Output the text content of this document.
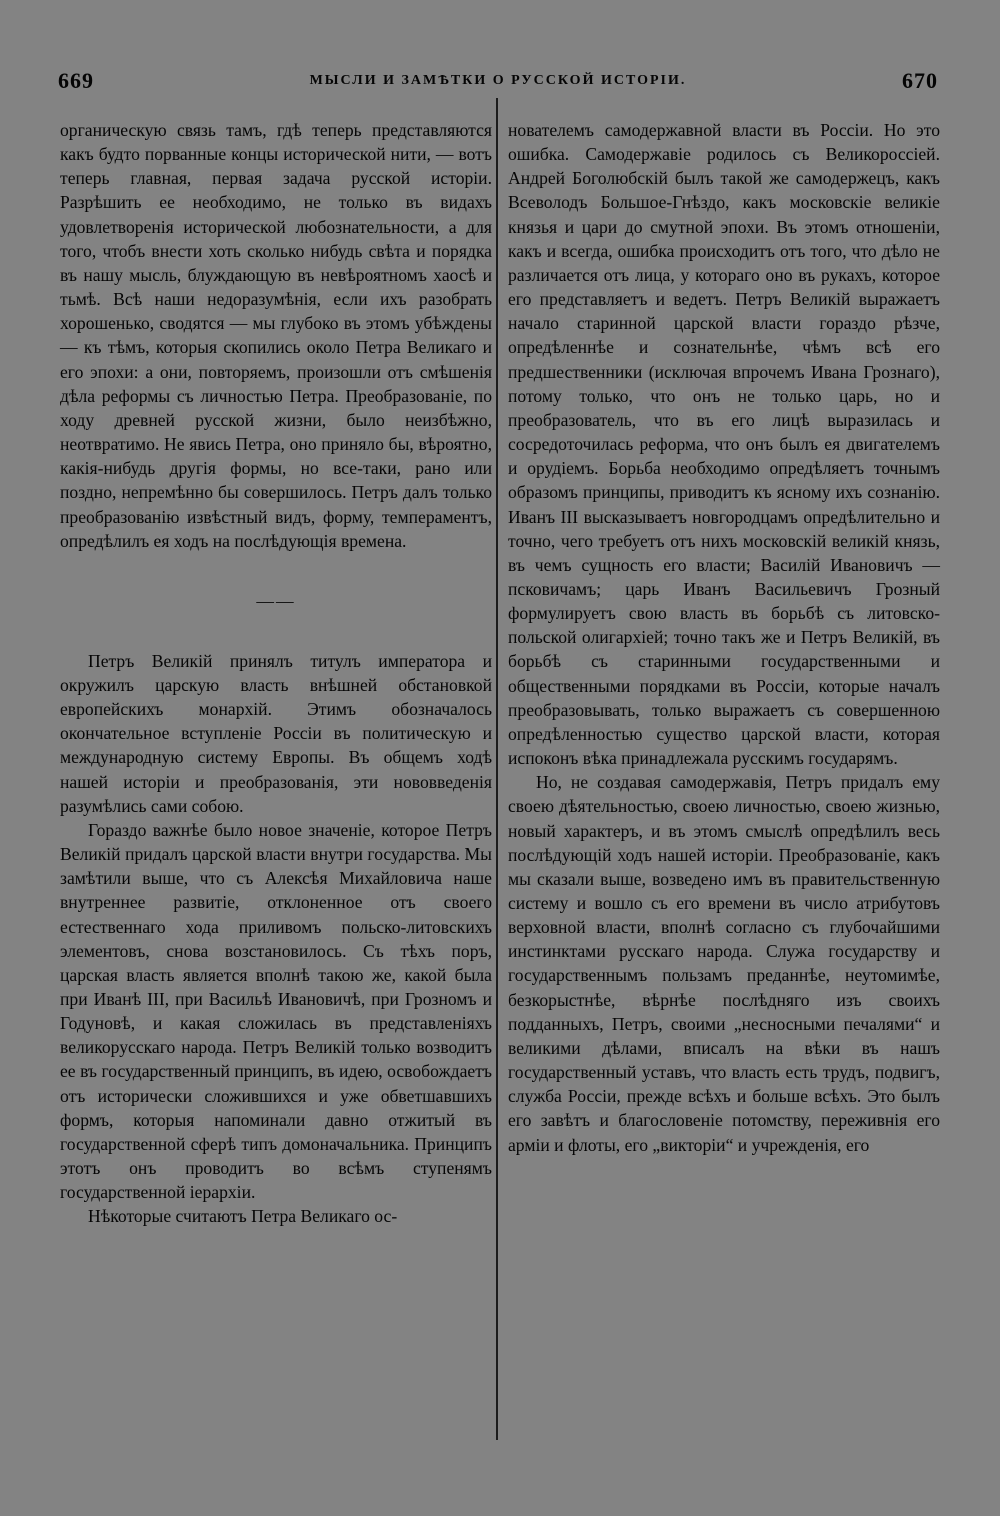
669	МЫСЛИ И ЗАМѢТКИ О РУССКОЙ ИСТОРІИ.	670

органическую связь тамъ, гдѣ теперь представляются какъ будто порванные концы исторической нити, — вотъ теперь главная, первая задача русской исторіи. Разрѣшить ее необходимо, не только въ видахъ удовлетворенія исторической любознательности, а для того, чтобъ внести хоть сколько нибудь свѣта и порядка въ нашу мысль, блуждающую въ невѣроятномъ хаосѣ и тьмѣ. Всѣ наши недоразумѣнія, если ихъ разобрать хорошенько, сводятся — мы глубоко въ этомъ убѣждены — къ тѣмъ, которыя скопились около Петра Великаго и его эпохи: а они, повторяемъ, произошли отъ смѣшенія дѣла реформы съ личностью Петра. Преобразованіе, по ходу древней русской жизни, было неизбѣжно, неотвратимо. Не явись Петра, оно приняло бы, вѣроятно, какія-нибудь другія формы, но все-таки, рано или поздно, непремѣнно бы совершилось. Петръ далъ только преобразованію извѣстный видъ, форму, темпераментъ, опредѣлилъ ея ходъ на послѣдующія времена.

——

Петръ Великій принялъ титулъ императора и окружилъ царскую власть внѣшней обстановкой европейскихъ монархій. Этимъ обозначалось окончательное вступленіе Россіи въ политическую и международную систему Европы. Въ общемъ ходѣ нашей исторіи и преобразованія, эти нововведенія разумѣлись сами собою.

Гораздо важнѣе было новое значеніе, которое Петръ Великій придалъ царской власти внутри государства. Мы замѣтили выше, что съ Алексѣя Михайловича наше внутреннее развитіе, отклоненное отъ своего естественнаго хода приливомъ польско-литовскихъ элементовъ, снова возстановилось. Съ тѣхъ поръ, царская власть является вполнѣ такою же, какой была при Иванѣ III, при Васильѣ Ивановичѣ, при Грозномъ и Годуновѣ, и какая сложилась въ представленіяхъ великорусскаго народа. Петръ Великій только возводитъ ее въ государственный принципъ, въ идею, освобождаетъ отъ исторически сложившихся и уже обветшавшихъ формъ, которыя напоминали давно отжитый въ государственной сферѣ типъ домоначальника. Принципъ этотъ онъ проводитъ во всѣмъ ступенямъ государственной іерархіи.

Нѣкоторые считаютъ Петра Великаго ос-

нователемъ самодержавной власти въ Россіи. Но это ошибка. Самодержавіе родилось съ Великороссіей. Андрей Боголюбскій былъ такой же самодержецъ, какъ Всеволодъ Большое-Гнѣздо, какъ московскіе великіе князья и цари до смутной эпохи. Въ этомъ отношеніи, какъ и всегда, ошибка происходитъ отъ того, что дѣло не различается отъ лица, у котораго оно въ рукахъ, которое его представляетъ и ведетъ. Петръ Великій выражаетъ начало старинной царской власти гораздо рѣзче, опредѣленнѣе и сознательнѣе, чѣмъ всѣ его предшественники (исключая впрочемъ Ивана Грознаго), потому только, что онъ не только царь, но и преобразователь, что въ его лицѣ выразилась и сосредоточилась реформа, что онъ былъ ея двигателемъ и орудіемъ. Борьба необходимо опредѣляетъ точнымъ образомъ принципы, приводитъ къ ясному ихъ сознанію. Иванъ III высказываетъ новгородцамъ опредѣлительно и точно, чего требуетъ отъ нихъ московскій великій князь, въ чемъ сущность его власти; Василій Ивановичъ — псковичамъ; царь Иванъ Васильевичъ Грозный формулируетъ свою власть въ борьбѣ съ литовско-польской олигархіей; точно такъ же и Петръ Великій, въ борьбѣ съ старинными государственными и общественными порядками въ Россіи, которые началъ преобразовывать, только выражаетъ съ совершенною опредѣленностью существо царской власти, которая испоконъ вѣка принадлежала русскимъ государямъ.

Но, не создавая самодержавія, Петръ придалъ ему своею дѣятельностью, своею личностью, своею жизнью, новый характеръ, и въ этомъ смыслѣ опредѣлилъ весь послѣдующій ходъ нашей исторіи. Преобразованіе, какъ мы сказали выше, возведено имъ въ правительственную систему и вошло съ его времени въ число атрибутовъ верховной власти, вполнѣ согласно съ глубочайшими инстинктами русскаго народа. Служа государству и государственнымъ пользамъ преданнѣе, неутомимѣе, безкорыстнѣе, вѣрнѣе послѣдняго изъ своихъ подданныхъ, Петръ, своими „несносными печалями“ и великими дѣлами, вписалъ на вѣки въ нашъ государственный уставъ, что власть есть трудъ, подвигъ, служба Россіи, прежде всѣхъ и больше всѣхъ. Это былъ его завѣтъ и благословеніе потомству, переживнія его арміи и флоты, его „викторіи“ и учрежденія, его
